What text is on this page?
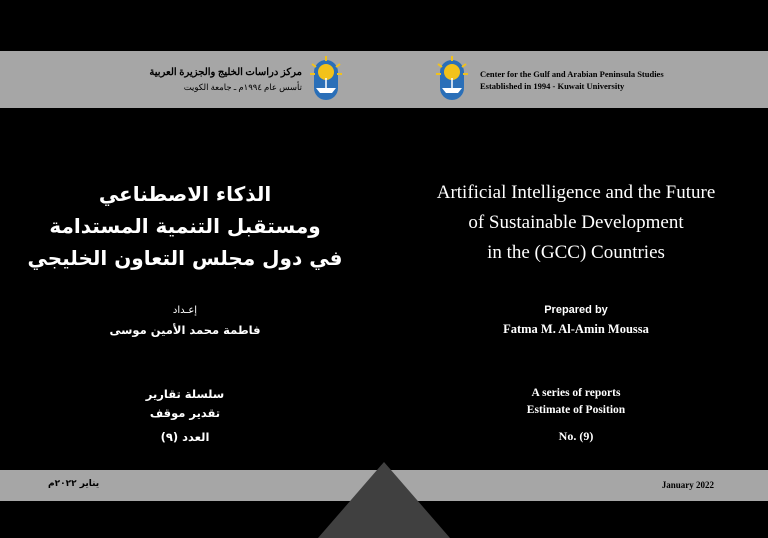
مركز دراسات الخليج والجزيرة العربية
تأسس عام ١٩٩٤م ـ جامعة الكويت
الذكاء الاصطناعي
ومستقبل التنمية المستدامة
في دول مجلس التعاون الخليجي
إعـداد
فاطمة محمد الأمين موسى
سلسلة تقارير
تقدير موقف
العدد (٩)
يناير ٢٠٢٢م
Center for the Gulf and Arabian Peninsula Studies
Established in 1994 - Kuwait University
Artificial Intelligence and the Future
of Sustainable Development
in the (GCC) Countries
Prepared by
Fatma M. Al-Amin Moussa
A series of reports
Estimate of Position
No. (9)
January 2022
